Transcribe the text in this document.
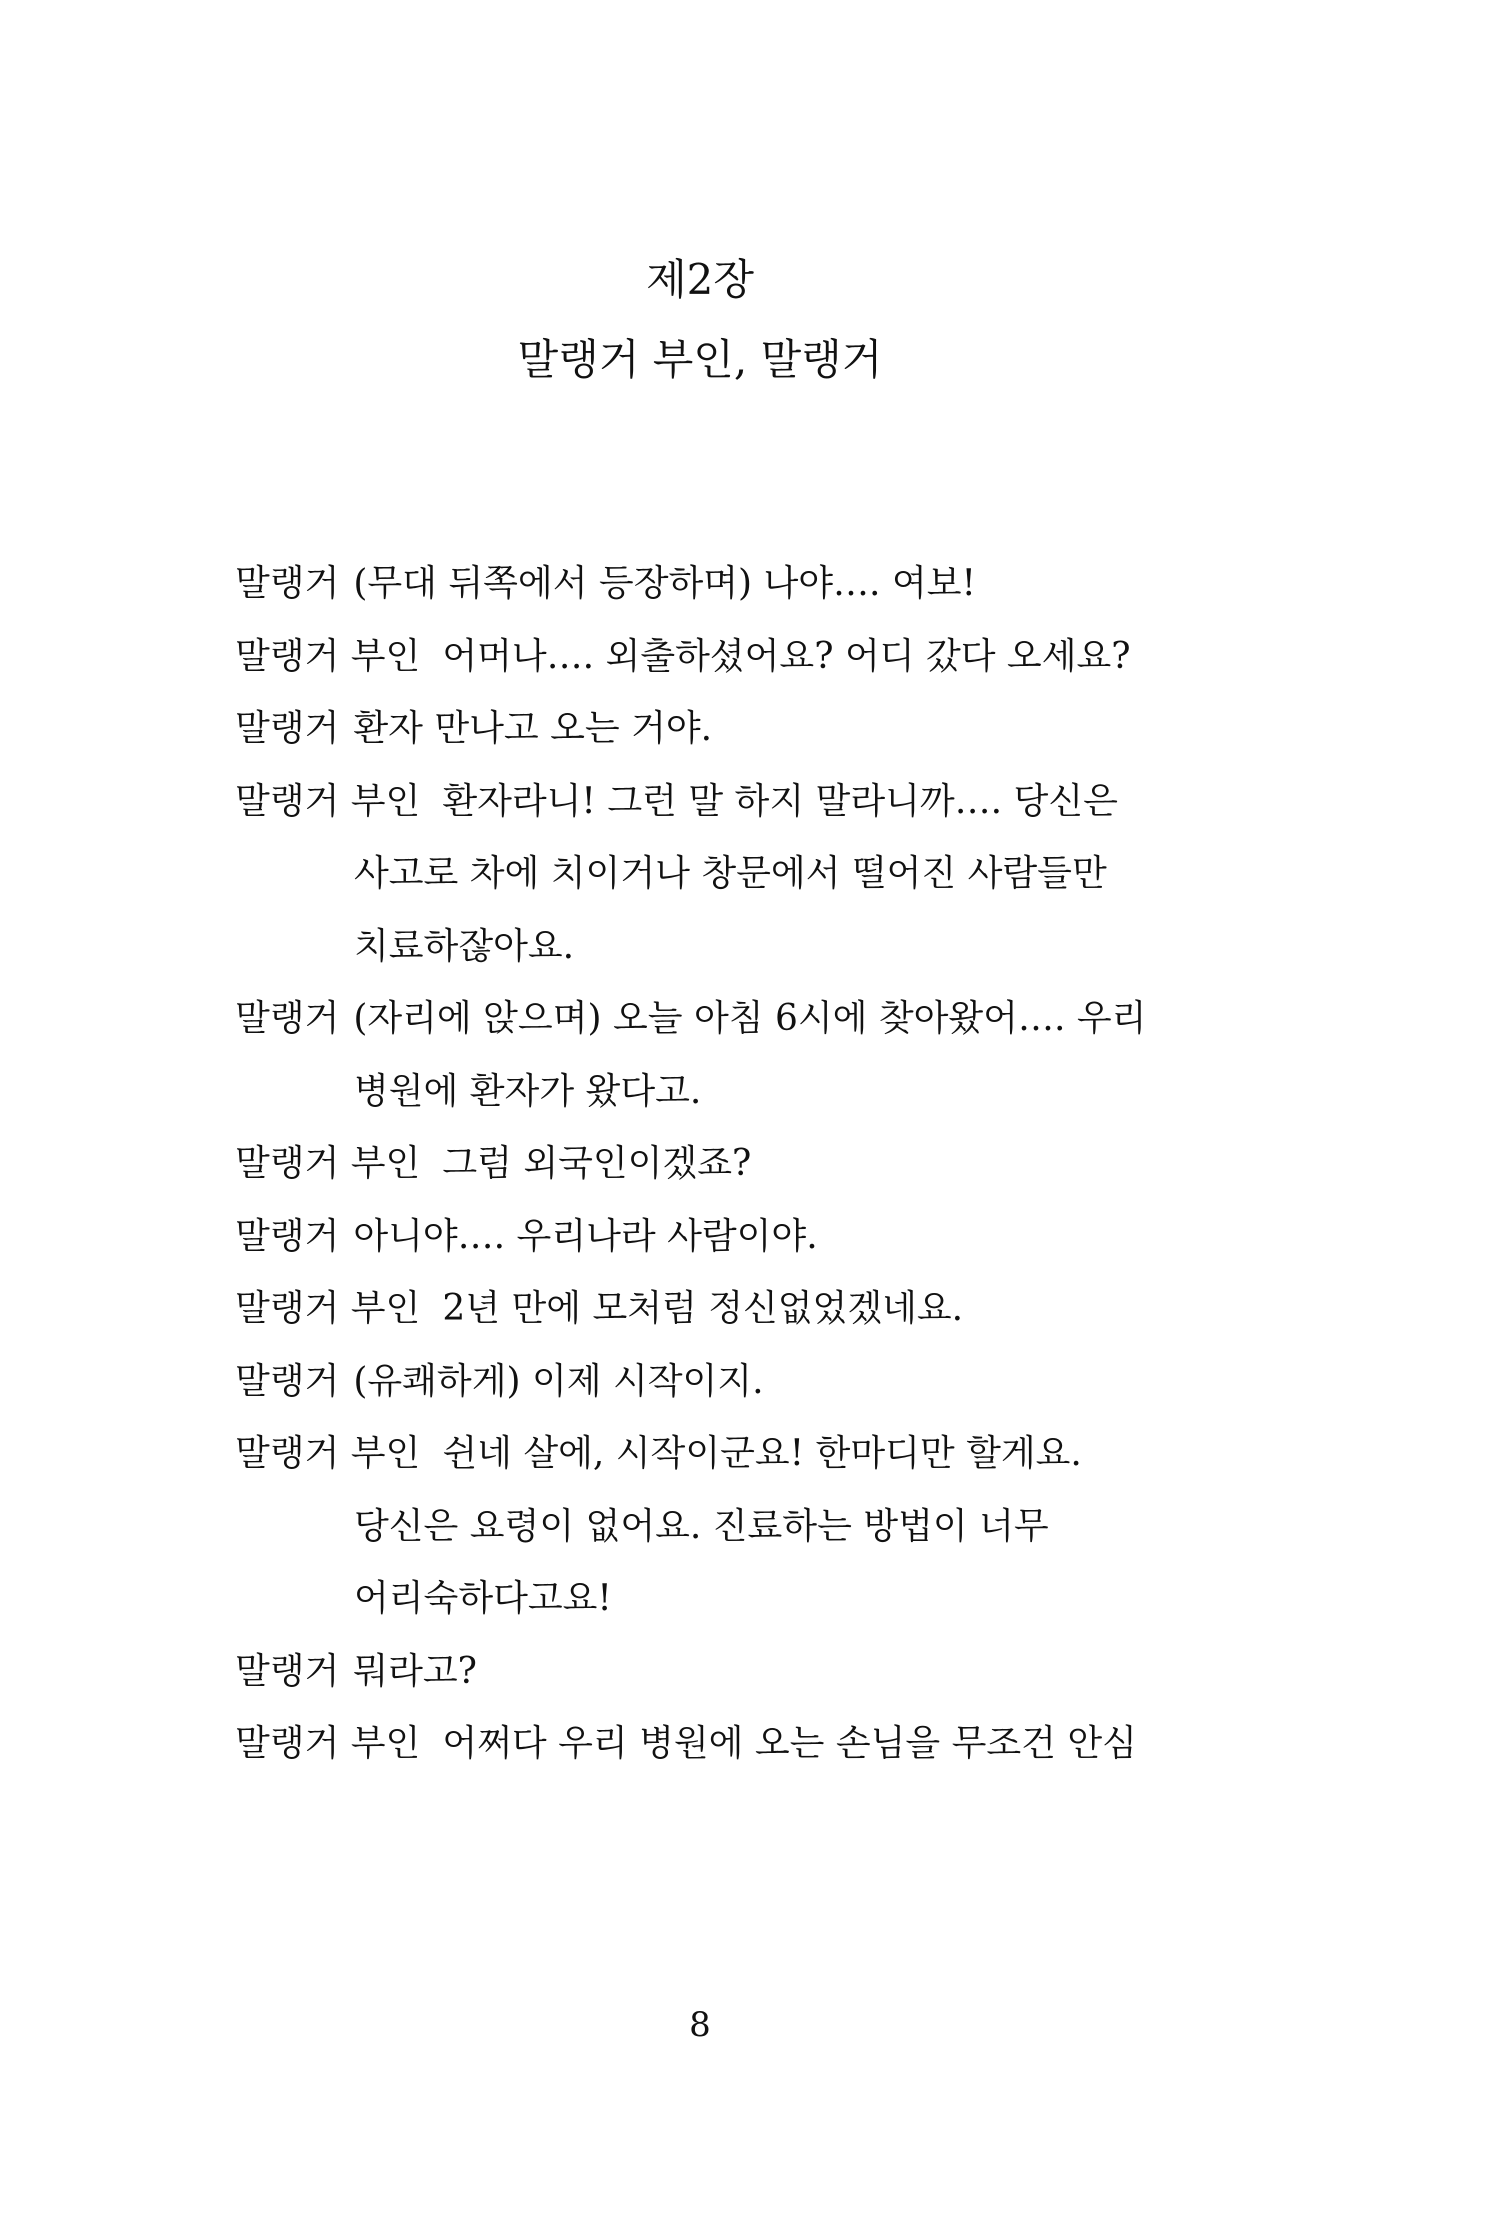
제2장
말랭거 부인, 말랭거
말랭거 (무대 뒤쪽에서 등장하며) 나야…. 여보!
말랭거 부인 어머나…. 외출하셨어요? 어디 갔다 오세요?
말랭거 환자 만나고 오는 거야.
말랭거 부인 환자라니! 그런 말 하지 말라니까…. 당신은 사고로 차에 치이거나 창문에서 떨어진 사람들만 치료하잖아요.
말랭거 (자리에 앉으며) 오늘 아침 6시에 찾아왔어…. 우리 병원에 환자가 왔다고.
말랭거 부인 그럼 외국인이겠죠?
말랭거 아니야…. 우리나라 사람이야.
말랭거 부인 2년 만에 모처럼 정신없었겠네요.
말랭거 (유쾌하게) 이제 시작이지.
말랭거 부인 쉰네 살에, 시작이군요! 한마디만 할게요. 당신은 요령이 없어요. 진료하는 방법이 너무 어리숙하다고요!
말랭거 뭐라고?
말랭거 부인 어쩌다 우리 병원에 오는 손님을 무조건 안심
8
